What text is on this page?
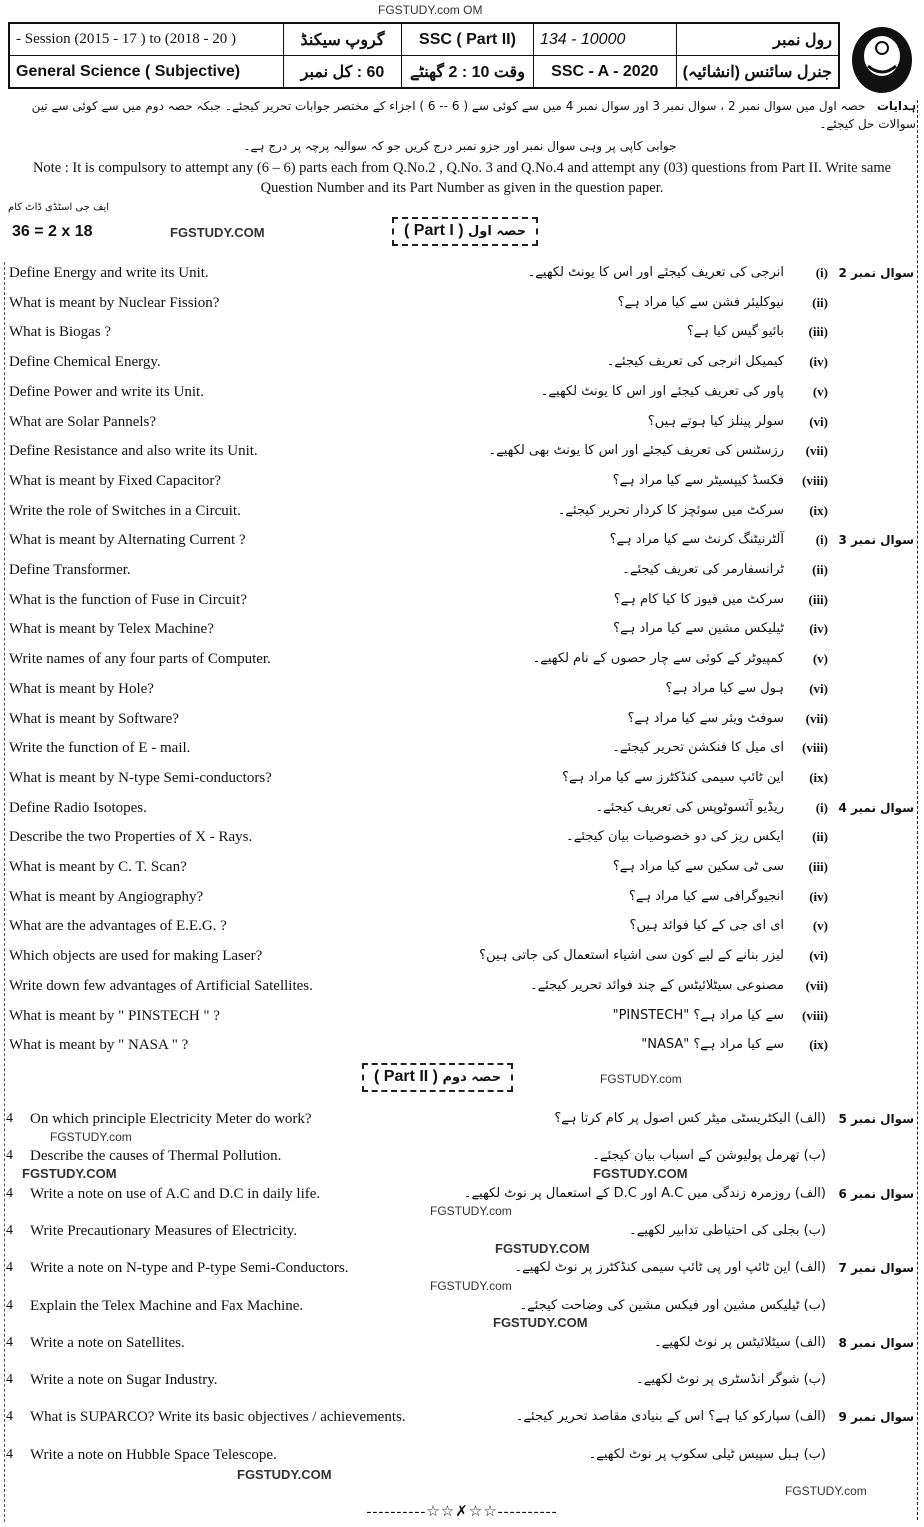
FGSTUDY.com OM
- Session (2015 - 17 ) to (2018 - 20 )	گروپ سیکنڈ	SSC ( Part II)	134 - 10000	رول نمبر
General Science ( Subjective)	60 : کل نمبر	وقت 10 : 2 گھنٹے	SSC - A - 2020	جنرل سائنس (انشائیہ)
ہدایات   حصہ اول میں سوال نمبر 2 ، سوال نمبر 3 اور سوال نمبر 4 میں سے کوئی سے ( 6 -- 6 ) اجزاء کے مختصر جوابات تحریر کیجئے۔ جبکہ حصہ دوم میں سے کوئی سے تین سوالات حل کیجئے۔
جوابی کاپی پر وہی سوال نمبر اور جزو نمبر درج کریں جو کہ سوالیہ پرچہ پر درج ہے۔
Note : It is compulsory to attempt any (6 – 6) parts each from Q.No.2 , Q.No. 3 and Q.No.4 and attempt any (03) questions from Part II. Write same Question Number and its Part Number as given in the question paper.
ایف جی اسٹڈی ڈاٹ کام
36 = 2 x 18	FGSTUDY.COM	( Part I ) حصہ اول
Define Energy and write its Unit.	انرجی کی تعریف کیجئے اور اس کا یونٹ لکھیے۔	(i) سوال نمبر 2
What is meant by Nuclear Fission?	نیوکلیئر فشن سے کیا مراد ہے؟	(ii)
What is Biogas ?	بائیو گیس کیا ہے؟	(iii)
Define Chemical Energy.	کیمیکل انرجی کی تعریف کیجئے۔	(iv)
Define Power and write its Unit.	پاور کی تعریف کیجئے اور اس کا یونٹ لکھیے۔	(v)
What are Solar Pannels?	سولر پینلز کیا ہوتے ہیں؟	(vi)
Define Resistance and also write its Unit.	رزسٹنس کی تعریف کیجئے اور اس کا یونٹ بھی لکھیے۔	(vii)
What is meant by Fixed Capacitor?	فکسڈ کیپسیٹر سے کیا مراد ہے؟	(viii)
Write the role of Switches in a Circuit.	سرکٹ میں سوئچز کا کردار تحریر کیجئے۔	(ix)
What is meant by Alternating Current ?	آلٹرنیٹنگ کرنٹ سے کیا مراد ہے؟	(i) سوال نمبر 3
Define Transformer.	ٹرانسفارمر کی تعریف کیجئے۔	(ii)
What is the function of Fuse in Circuit?	سرکٹ میں فیوز کا کیا کام ہے؟	(iii)
What is meant by Telex Machine?	ٹیلیکس مشین سے کیا مراد ہے؟	(iv)
Write names of any four parts of Computer.	کمپیوٹر کے کوئی سے چار حصوں کے نام لکھیے۔	(v)
What is meant by Hole?	ہول سے کیا مراد ہے؟	(vi)
What is meant by Software?	سوفٹ ویئر سے کیا مراد ہے؟	(vii)
Write the function of E - mail.	ای میل کا فنکشن تحریر کیجئے۔	(viii)
What is meant by N-type Semi-conductors?	این ٹائپ سیمی کنڈکٹرز سے کیا مراد ہے؟	(ix)
Define Radio Isotopes.	ریڈیو آئسوٹوپس کی تعریف کیجئے۔	(i) سوال نمبر 4
Describe the two Properties of X - Rays.	ایکس ریز کی دو خصوصیات بیان کیجئے۔	(ii)
What is meant by C. T. Scan?	سی ٹی سکین سے کیا مراد ہے؟	(iii)
What is meant by Angiography?	انجیوگرافی سے کیا مراد ہے؟	(iv)
What are the advantages of E.E.G. ?	ای ای جی کے کیا فوائد ہیں؟	(v)
Which objects are used for making Laser?	لیزر بنانے کے لیے کون سی اشیاء استعمال کی جاتی ہیں؟	(vi)
Write down few advantages of Artificial Satellites.	مصنوعی سیٹلائیٹس کے چند فوائد تحریر کیجئے۔	(vii)
What is meant by " PINSTECH " ?	"PINSTECH" سے کیا مراد ہے؟	(viii)
What is meant by " NASA " ?	"NASA" سے کیا مراد ہے؟	(ix)
( Part II ) حصہ دوم	FGSTUDY.com
4 On which principle Electricity Meter do work?	(الف) الیکٹریسٹی میٹر کس اصول پر کام کرتا ہے؟	سوال نمبر 5
4 Describe the causes of Thermal Pollution.	(ب) تھرمل پولیوشن کے اسباب بیان کیجئے۔
4 Write a note on use of A.C and D.C in daily life.	(الف) روزمرہ زندگی میں A.C اور D.C کے استعمال پر نوٹ لکھیے۔	سوال نمبر 6
4 Write Precautionary Measures of Electricity.	(ب) بجلی کی احتیاطی تدابیر لکھیے۔
4 Write a note on N-type and P-type Semi-Conductors.	(الف) این ٹائپ اور پی ٹائپ سیمی کنڈکٹرز پر نوٹ لکھیے۔	سوال نمبر 7
4 Explain the Telex Machine and Fax Machine.	(ب) ٹیلیکس مشین اور فیکس مشین کی وضاحت کیجئے۔
4 Write a note on Satellites.	(الف) سیٹلائیٹس پر نوٹ لکھیے۔	سوال نمبر 8
4 Write a note on Sugar Industry.	(ب) شوگر انڈسٹری پر نوٹ لکھیے۔
4 What is SUPARCO? Write its basic objectives / achievements.	(الف) سپارکو کیا ہے؟ اس کے بنیادی مقاصد تحریر کیجئے۔	سوال نمبر 9
4 Write a note on Hubble Space Telescope.	(ب) ہبل سپیس ٹیلی سکوپ پر نوٹ لکھیے۔
FGSTUDY.com
FGSTUDY.COM	FGSTUDY.COM
FGSTUDY.com
FGSTUDY.COM
FGSTUDY.com
FGSTUDY.COM
FGSTUDY.COM
FGSTUDY.com
----------☆☆✗☆☆----------
